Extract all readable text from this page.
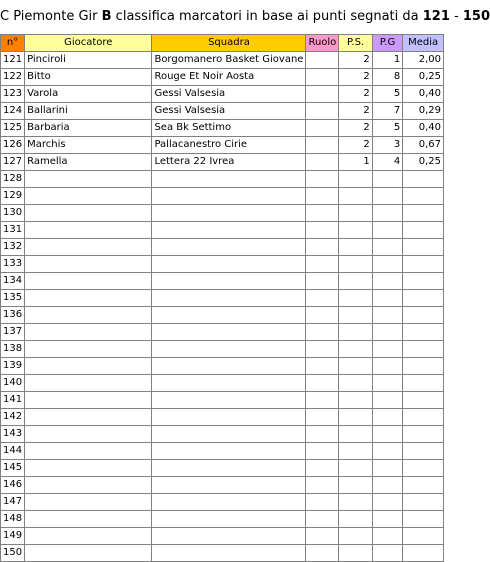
C Piemonte Gir B classifica marcatori in base ai punti segnati da 121 - 150
n°	Giocatore	Squadra	Ruolo	P.S.	P.G	Media
121	Pinciroli	Borgomanero Basket Giovane		2	1	2,00
122	Bitto	Rouge Et Noir Aosta		2	8	0,25
123	Varola	Gessi Valsesia		2	5	0,40
124	Ballarini	Gessi Valsesia		2	7	0,29
125	Barbaria	Sea Bk Settimo		2	5	0,40
126	Marchis	Pallacanestro Cirie		2	3	0,67
127	Ramella	Lettera 22 Ivrea		1	4	0,25
128						
129						
130						
131						
132						
133						
134						
135						
136						
137						
138						
139						
140						
141						
142						
143						
144						
145						
146						
147						
148						
149						
150						
